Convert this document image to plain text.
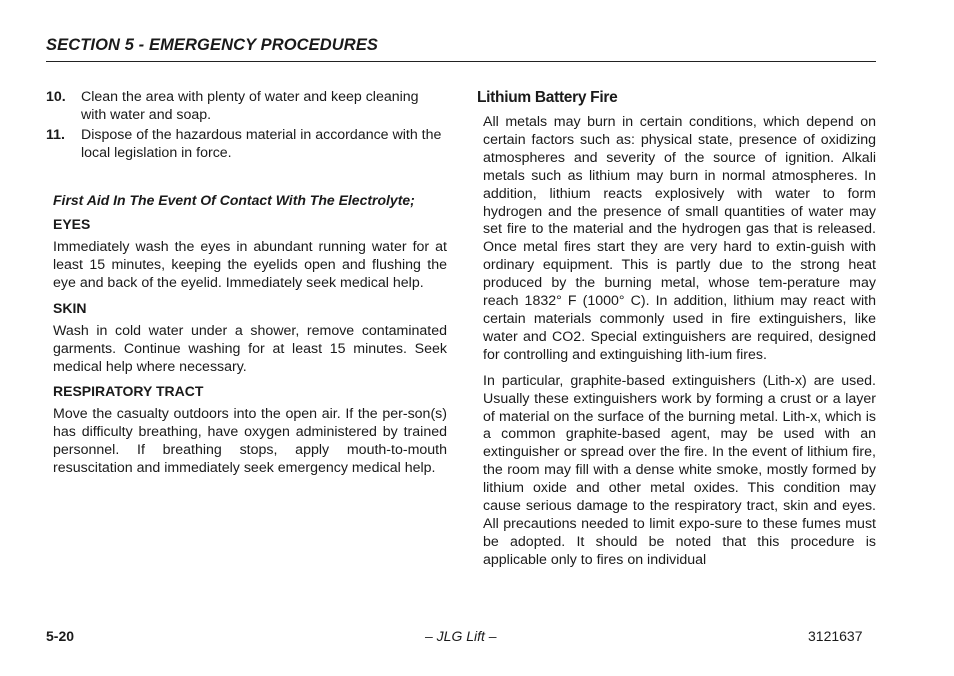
SECTION 5 - EMERGENCY PROCEDURES
10.	Clean the area with plenty of water and keep cleaning with water and soap.
11.	Dispose of the hazardous material in accordance with the local legislation in force.
First Aid In The Event Of Contact With The Electrolyte;
EYES
Immediately wash the eyes in abundant running water for at least 15 minutes, keeping the eyelids open and flushing the eye and back of the eyelid. Immediately seek medical help.
SKIN
Wash in cold water under a shower, remove contaminated garments. Continue washing for at least 15 minutes. Seek medical help where necessary.
RESPIRATORY TRACT
Move the casualty outdoors into the open air. If the per-son(s) has difficulty breathing, have oxygen administered by trained personnel. If breathing stops, apply mouth-to-mouth resuscitation and immediately seek emergency medical help.
Lithium Battery Fire
All metals may burn in certain conditions, which depend on certain factors such as: physical state, presence of oxidizing atmospheres and severity of the source of ignition. Alkali metals such as lithium may burn in normal atmospheres. In addition, lithium reacts explosively with water to form hydrogen and the presence of small quantities of water may set fire to the material and the hydrogen gas that is released. Once metal fires start they are very hard to extin-guish with ordinary equipment. This is partly due to the strong heat produced by the burning metal, whose tem-perature may reach 1832° F (1000° C). In addition, lithium may react with certain materials commonly used in fire extinguishers, like water and CO2. Special extinguishers are required, designed for controlling and extinguishing lith-ium fires.
In particular, graphite-based extinguishers (Lith-x) are used. Usually these extinguishers work by forming a crust or a layer of material on the surface of the burning metal. Lith-x, which is a common graphite-based agent, may be used with an extinguisher or spread over the fire. In the event of lithium fire, the room may fill with a dense white smoke, mostly formed by lithium oxide and other metal oxides. This condition may cause serious damage to the respiratory tract, skin and eyes. All precautions needed to limit expo-sure to these fumes must be adopted. It should be noted that this procedure is applicable only to fires on individual
5-20	– JLG Lift –	3121637
